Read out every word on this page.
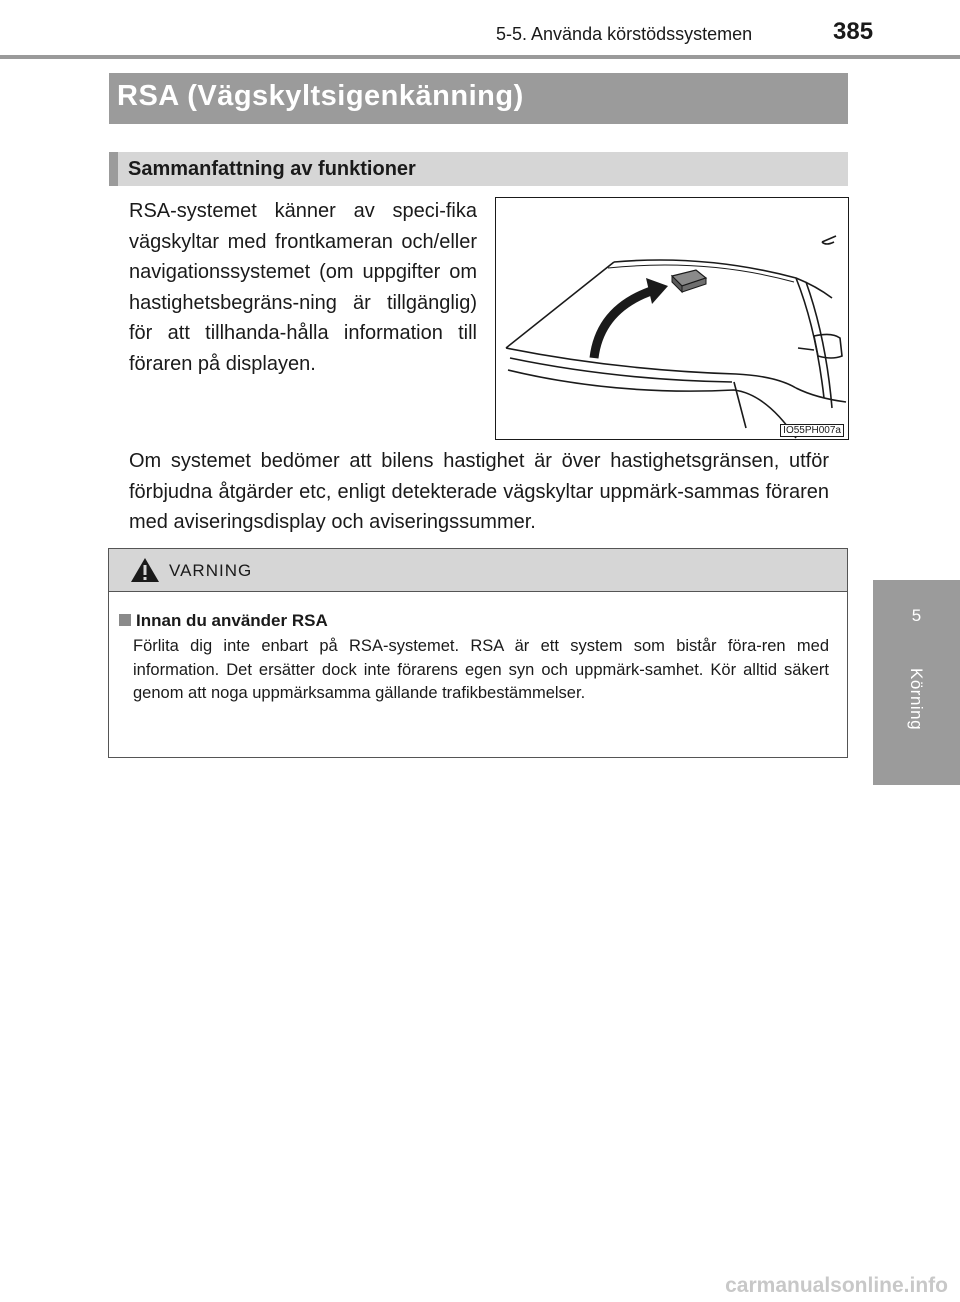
5-5. Använda körstödssystemen	385
5
Körning
RSA (Vägskyltsigenkänning)
Sammanfattning av funktioner

RSA-systemet känner av speci-fika vägskyltar med frontkameran och/eller navigationssystemet (om uppgifter om hastighetsbegräns-ning är tillgänglig) för att tillhanda-hålla information till föraren på displayen.

IO55PH007a

Om systemet bedömer att bilens hastighet är över hastighetsgränsen, utför förbjudna åtgärder etc, enligt detekterade vägskyltar uppmärk-sammas föraren med aviseringsdisplay och aviseringssummer.

VARNING
Innan du använder RSA

Förlita dig inte enbart på RSA-systemet. RSA är ett system som bistår föra-ren med information. Det ersätter dock inte förarens egen syn och uppmärk-samhet. Kör alltid säkert genom att noga uppmärksamma gällande trafikbestämmelser.

carmanualsonline.info
